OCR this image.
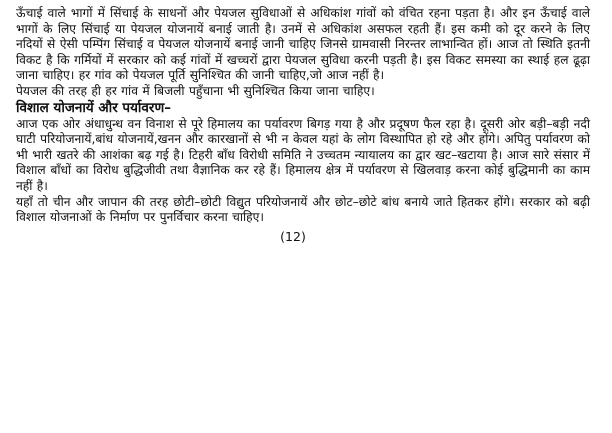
ऊँचाई वाले भागों में सिंचाई के साधनों और पेयजल सुविधाओं से अधिकांश गांवों को वंचित रहना पड़ता है। और इन ऊँचाई वाले भागों के लिए सिंचाई या पेयजल योजनायें बनाई जाती है। उनमें से अधिकांश असफल रहती हैं। इस कमी को दूर करने के लिए नदियों से ऐसी पम्पिंग सिंचाई व पेयजल योजनायें बनाई जानी चाहिए जिनसे ग्रामवासी निरन्तर लाभान्वित हों। आज तो स्थिति इतनी विकट है कि गर्मियों में सरकार को कई गांवों में खच्चरों द्वारा पेयजल सुविधा करनी पड़ती है। इस विकट समस्या का स्थाई हल ढूढ़ा जाना चाहिए। हर गांव को पेयजल पूर्ति सुनिश्चित की जानी चाहिए,जो आज नहीं है।

पेयजल की तरह ही हर गांव में बिजली पहुँचाना भी सुनिश्चित किया जाना चाहिए।

विशाल योजनायें और पर्यावरण–

आज एक ओर अंधाधुन्ध वन विनाश से पूरे हिमालय का पर्यावरण बिगड़ गया है और प्रदूषण फैल रहा है। दूसरी ओर बड़ी–बड़ी नदी घाटी परियोजनायें,बांध योजनायें,खनन और कारखानों से भी न केवल यहां के लोग विस्थापित हो रहे और होंगे। अपितु पर्यावरण को भी भारी खतरे की आशंका बढ़ गई है। टिहरी बाँध विरोधी समिति ने उच्चतम न्यायालय का द्वार खट–खटाया है। आज सारे संसार में विशाल बाँधों का विरोध बुद्धिजीवी तथा वैज्ञानिक कर रहे हैं। हिमालय क्षेत्र में पर्यावरण से खिलवाड़ करना कोई बुद्धिमानी का काम नहीं है।

यहाँ तो चीन और जापान की तरह छोटी–छोटी विद्युत परियोजनायें और छोट–छोटे बांध बनाये जाते हितकर होंगे। सरकार को बढ़ी विशाल योजनाओं के निर्माण पर पुनर्विचार करना चाहिए।

(12)
